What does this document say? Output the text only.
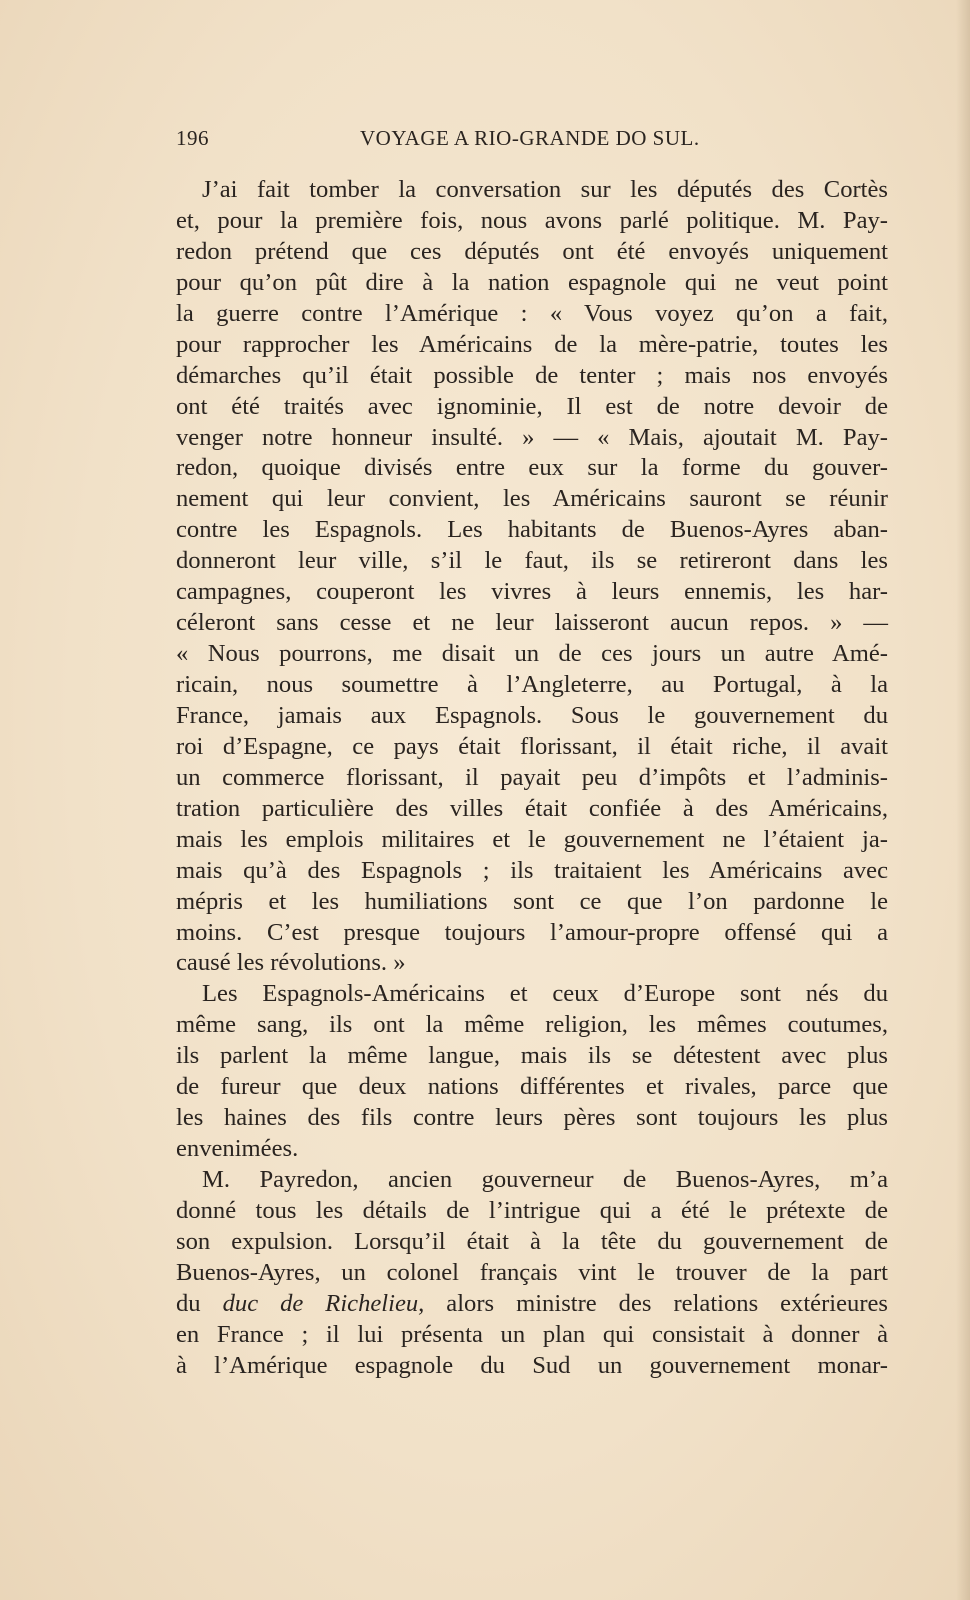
196	VOYAGE A RIO-GRANDE DO SUL.
J’ai fait tomber la conversation sur les députés des Cortès
et, pour la première fois, nous avons parlé politique. M. Pay-
redon prétend que ces députés ont été envoyés uniquement
pour qu’on pût dire à la nation espagnole qui ne veut point
la guerre contre l’Amérique : « Vous voyez qu’on a fait,
pour rapprocher les Américains de la mère-patrie, toutes les
démarches qu’il était possible de tenter ; mais nos envoyés
ont été traités avec ignominie, Il est de notre devoir de
venger notre honneur insulté. » — « Mais, ajoutait M. Pay-
redon, quoique divisés entre eux sur la forme du gouver-
nement qui leur convient, les Américains sauront se réunir
contre les Espagnols. Les habitants de Buenos-Ayres aban-
donneront leur ville, s’il le faut, ils se retireront dans les
campagnes, couperont les vivres à leurs ennemis, les har-
céleront sans cesse et ne leur laisseront aucun repos. » —
« Nous pourrons, me disait un de ces jours un autre Amé-
ricain, nous soumettre à l’Angleterre, au Portugal, à la
France, jamais aux Espagnols. Sous le gouvernement du
roi d’Espagne, ce pays était florissant, il était riche, il avait
un commerce florissant, il payait peu d’impôts et l’adminis-
tration particulière des villes était confiée à des Américains,
mais les emplois militaires et le gouvernement ne l’étaient ja-
mais qu’à des Espagnols ; ils traitaient les Américains avec
mépris et les humiliations sont ce que l’on pardonne le
moins. C’est presque toujours l’amour-propre offensé qui a
causé les révolutions. »
Les Espagnols-Américains et ceux d’Europe sont nés du
même sang, ils ont la même religion, les mêmes coutumes,
ils parlent la même langue, mais ils se détestent avec plus
de fureur que deux nations différentes et rivales, parce que
les haines des fils contre leurs pères sont toujours les plus
envenimées.
M. Payredon, ancien gouverneur de Buenos-Ayres, m’a
donné tous les détails de l’intrigue qui a été le prétexte de
son expulsion. Lorsqu’il était à la tête du gouvernement de
Buenos-Ayres, un colonel français vint le trouver de la part
du duc de Richelieu, alors ministre des relations extérieures
en France ; il lui présenta un plan qui consistait à donner à
à l’Amérique espagnole du Sud un gouvernement monar-
